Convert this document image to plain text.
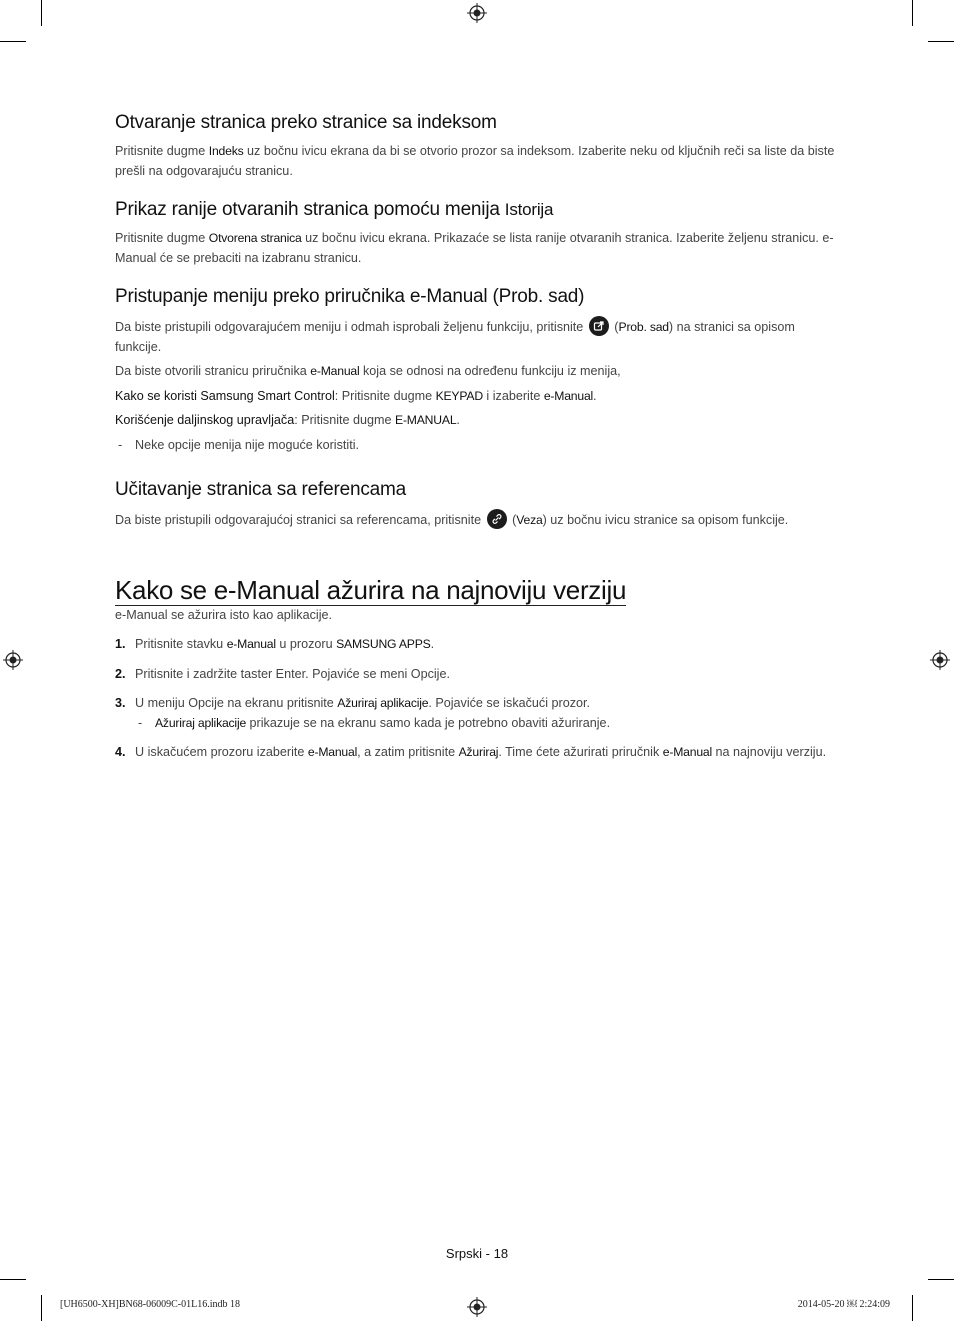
Otvaranje stranica preko stranice sa indeksom

Pritisnite dugme Indeks uz bočnu ivicu ekrana da bi se otvorio prozor sa indeksom. Izaberite neku od ključnih reči sa liste da biste prešli na odgovarajuću stranicu.

Prikaz ranije otvaranih stranica pomoću menija Istorija

Pritisnite dugme Otvorena stranica uz bočnu ivicu ekrana. Prikazaće se lista ranije otvaranih stranica. Izaberite željenu stranicu. e-Manual će se prebaciti na izabranu stranicu.

Pristupanje meniju preko priručnika e-Manual (Prob. sad)

Da biste pristupili odgovarajućem meniju i odmah isprobali željenu funkciju, pritisnite
(Prob. sad) na stranici sa opisom funkcije.

Da biste otvorili stranicu priručnika e-Manual koja se odnosi na određenu funkciju iz menija,

Kako se koristi Samsung Smart Control: Pritisnite dugme KEYPAD i izaberite e-Manual.

Korišćenje daljinskog upravljača: Pritisnite dugme E-MANUAL.

- Neke opcije menija nije moguće koristiti.

Učitavanje stranica sa referencama

Da biste pristupili odgovarajućoj stranici sa referencama, pritisnite
(Veza) uz bočnu ivicu stranice sa opisom funkcije.

Kako se e-Manual ažurira na najnoviju verziju

e-Manual se ažurira isto kao aplikacije.

1. Pritisnite stavku e-Manual u prozoru SAMSUNG APPS.

2. Pritisnite i zadržite taster Enter. Pojaviće se meni Opcije.

3. U meniju Opcije na ekranu pritisnite Ažuriraj aplikacije. Pojaviće se iskačući prozor.

- Ažuriraj aplikacije prikazuje se na ekranu samo kada je potrebno obaviti ažuriranje.

4. U iskačućem prozoru izaberite e-Manual, a zatim pritisnite Ažuriraj. Time ćete ažurirati priručnik e-Manual na najnoviju verziju.

Srpski - 18
[UH6500-XH]BN68-06009C-01L16.indb 18	2014-05-20 ￼ 2:24:09
